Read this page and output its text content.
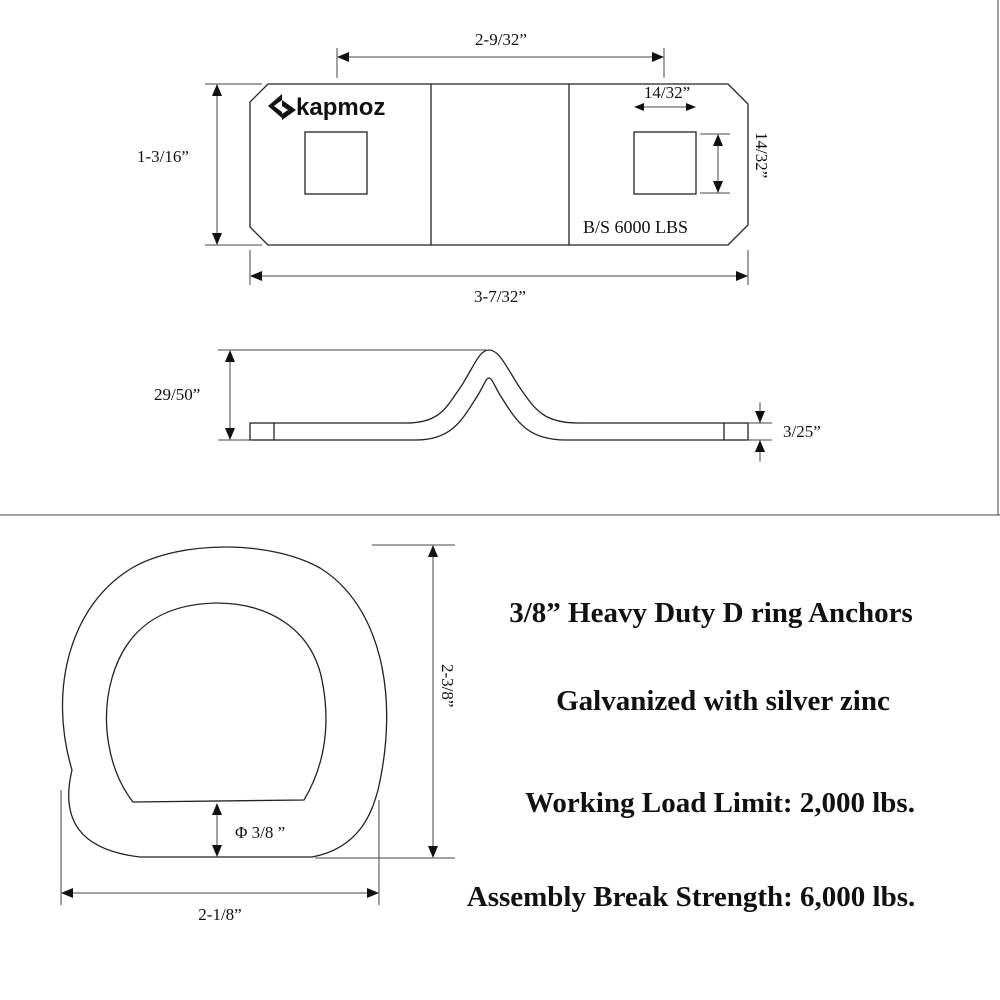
kapmoz
B/S 6000 LBS
2-9/32”
14/32”
14/32”
1-3/16”
3-7/32”
29/50”
3/25”
Φ 3/8 ”
2-3/8”
2-1/8”
3/8” Heavy Duty D ring Anchors
Galvanized with silver zinc
Working Load Limit: 2,000 lbs.
Assembly Break Strength: 6,000 lbs.
